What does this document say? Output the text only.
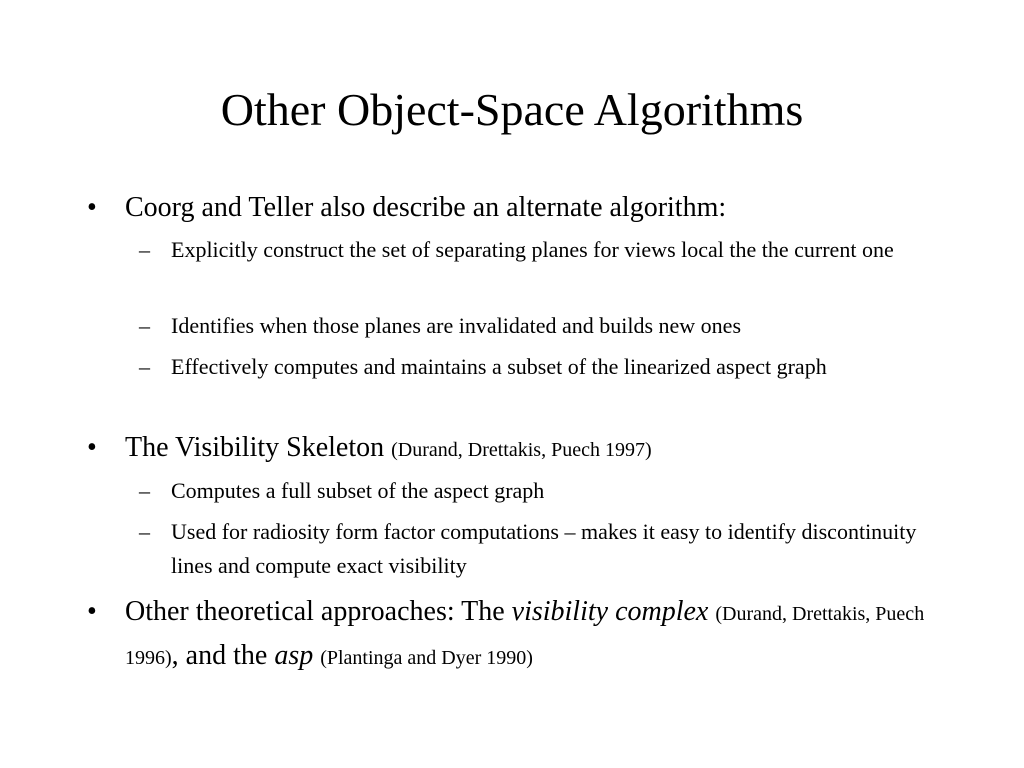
Other Object-Space Algorithms
• Coorg and Teller also describe an alternate algorithm:
– Explicitly construct the set of separating planes for views local the the current one
– Identifies when those planes are invalidated and builds new ones
– Effectively computes and maintains a subset of the linearized aspect graph
• The Visibility Skeleton (Durand, Drettakis, Puech 1997)
– Computes a full subset of the aspect graph
– Used for radiosity form factor computations – makes it easy to identify discontinuity lines and compute exact visibility
• Other theoretical approaches: The visibility complex (Durand, Drettakis, Puech 1996), and the asp (Plantinga and Dyer 1990)
